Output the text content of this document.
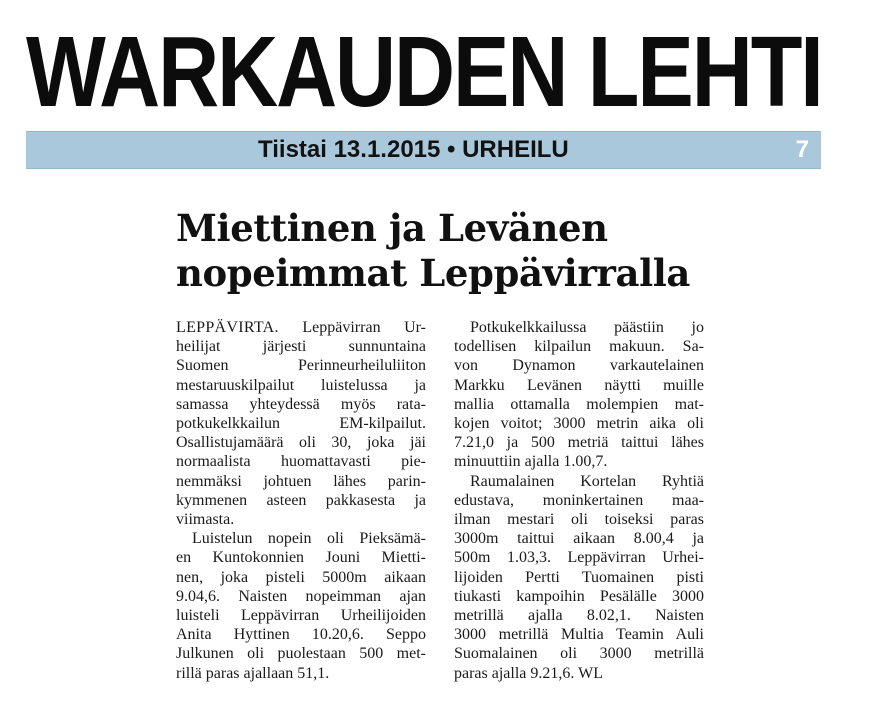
WARKAUDEN LEHTI
Tiistai 13.1.2015 • URHEILU	7
Miettinen ja Levänen
nopeimmat Leppävirralla

LEPPÄVIRTA. Leppävirran Ur-
heilijat järjesti sunnuntaina
Suomen Perinneurheiluliiton
mestaruuskilpailut luistelussa ja
samassa yhteydessä myös rata-
potkukelkkailun EM-kilpailut.
Osallistujamäärä oli 30, joka jäi
normaalista huomattavasti pie-
nemmäksi johtuen lähes parin-
kymmenen asteen pakkasesta ja
viimasta.

Luistelun nopein oli Pieksämä-
en Kuntokonnien Jouni Mietti-
nen, joka pisteli 5000m aikaan
9.04,6. Naisten nopeimman ajan
luisteli Leppävirran Urheilijoiden
Anita Hyttinen 10.20,6. Seppo
Julkunen oli puolestaan 500 met-
rillä paras ajallaan 51,1.

Potkukelkkailussa päästiin jo
todellisen kilpailun makuun. Sa-
von Dynamon varkautelainen
Markku Levänen näytti muille
mallia ottamalla molempien mat-
kojen voitot; 3000 metrin aika oli
7.21,0 ja 500 metriä taittui lähes
minuuttiin ajalla 1.00,7.

Raumalainen Kortelan Ryhtiä
edustava, moninkertainen maa-
ilman mestari oli toiseksi paras
3000m taittui aikaan 8.00,4 ja
500m 1.03,3. Leppävirran Urhei-
lijoiden Pertti Tuomainen pisti
tiukasti kampoihin Pesälälle 3000
metrillä ajalla 8.02,1. Naisten
3000 metrillä Multia Teamin Auli
Suomalainen oli 3000 metrillä
paras ajalla 9.21,6. WL
